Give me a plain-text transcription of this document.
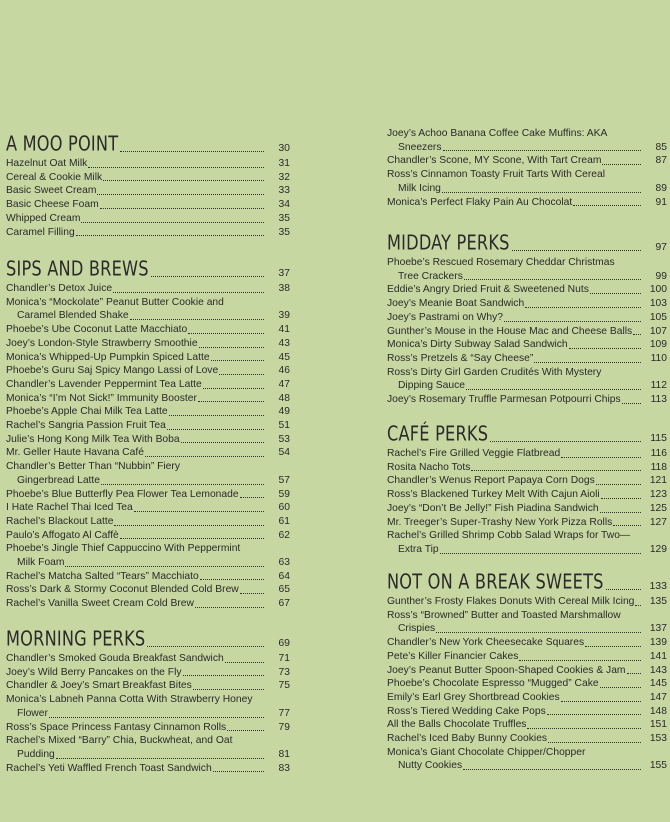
A MOO POINT	30
Hazelnut Oat Milk	31
Cereal & Cookie Milk	32
Basic Sweet Cream	33
Basic Cheese Foam	34
Whipped Cream	35
Caramel Filling	35
SIPS AND BREWS	37
Chandler’s Detox Juice	38
Monica’s “Mockolate” Peanut Butter Cookie and
Caramel Blended Shake	39
Phoebe’s Ube Coconut Latte Macchiato	41
Joey’s London-Style Strawberry Smoothie	43
Monica’s Whipped-Up Pumpkin Spiced Latte	45
Phoebe’s Guru Saj Spicy Mango Lassi of Love	46
Chandler’s Lavender Peppermint Tea Latte	47
Monica’s “I’m Not Sick!” Immunity Booster	48
Phoebe’s Apple Chai Milk Tea Latte	49
Rachel’s Sangria Passion Fruit Tea	51
Julie’s Hong Kong Milk Tea With Boba	53
Mr. Geller Haute Havana Café	54
Chandler’s Better Than “Nubbin” Fiery
Gingerbread Latte	57
Phoebe’s Blue Butterfly Pea Flower Tea Lemonade	59
I Hate Rachel Thai Iced Tea	60
Rachel’s Blackout Latte	61
Paulo’s Affogato Al Caffè	62
Phoebe’s Jingle Thief Cappuccino With Peppermint
Milk Foam	63
Rachel’s Matcha Salted “Tears” Macchiato	64
Ross’s Dark & Stormy Coconut Blended Cold Brew	65
Rachel’s Vanilla Sweet Cream Cold Brew	67
MORNING PERKS	69
Chandler’s Smoked Gouda Breakfast Sandwich	71
Joey’s Wild Berry Pancakes on the Fly	73
Chandler & Joey’s Smart Breakfast Bites	75
Monica’s Labneh Panna Cotta With Strawberry Honey
Flower	77
Ross’s Space Princess Fantasy Cinnamon Rolls	79
Rachel’s Mixed “Barry” Chia, Buckwheat, and Oat
Pudding	81
Rachel’s Yeti Waffled French Toast Sandwich	83
Joey’s Achoo Banana Coffee Cake Muffins: AKA
Sneezers	85
Chandler’s Scone, MY Scone, With Tart Cream	87
Ross’s Cinnamon Toasty Fruit Tarts With Cereal
Milk Icing	89
Monica’s Perfect Flaky Pain Au Chocolat	91
MIDDAY PERKS	97
Phoebe’s Rescued Rosemary Cheddar Christmas
Tree Crackers	99
Eddie’s Angry Dried Fruit & Sweetened Nuts	100
Joey’s Meanie Boat Sandwich	103
Joey’s Pastrami on Why?	105
Gunther’s Mouse in the House Mac and Cheese Balls	107
Monica’s Dirty Subway Salad Sandwich	109
Ross’s Pretzels & “Say Cheese”	110
Ross’s Dirty Girl Garden Crudités With Mystery
Dipping Sauce	112
Joey’s Rosemary Truffle Parmesan Potpourri Chips	113
CAFÉ PERKS	115
Rachel’s Fire Grilled Veggie Flatbread	116
Rosita Nacho Tots	118
Chandler’s Wenus Report Papaya Corn Dogs	121
Ross’s Blackened Turkey Melt With Cajun Aioli	123
Joey’s “Don’t Be Jelly!” Fish Piadina Sandwich	125
Mr. Treeger’s Super-Trashy New York Pizza Rolls	127
Rachel’s Grilled Shrimp Cobb Salad Wraps for Two—
Extra Tip	129
NOT ON A BREAK SWEETS	133
Gunther’s Frosty Flakes Donuts With Cereal Milk Icing	135
Ross’s “Browned” Butter and Toasted Marshmallow
Crispies	137
Chandler’s New York Cheesecake Squares	139
Pete’s Killer Financier Cakes	141
Joey’s Peanut Butter Spoon-Shaped Cookies & Jam	143
Phoebe’s Chocolate Espresso “Mugged” Cake	145
Emily’s Earl Grey Shortbread Cookies	147
Ross’s Tiered Wedding Cake Pops	148
All the Balls Chocolate Truffles	151
Rachel’s Iced Baby Bunny Cookies	153
Monica’s Giant Chocolate Chipper/Chopper
Nutty Cookies	155
